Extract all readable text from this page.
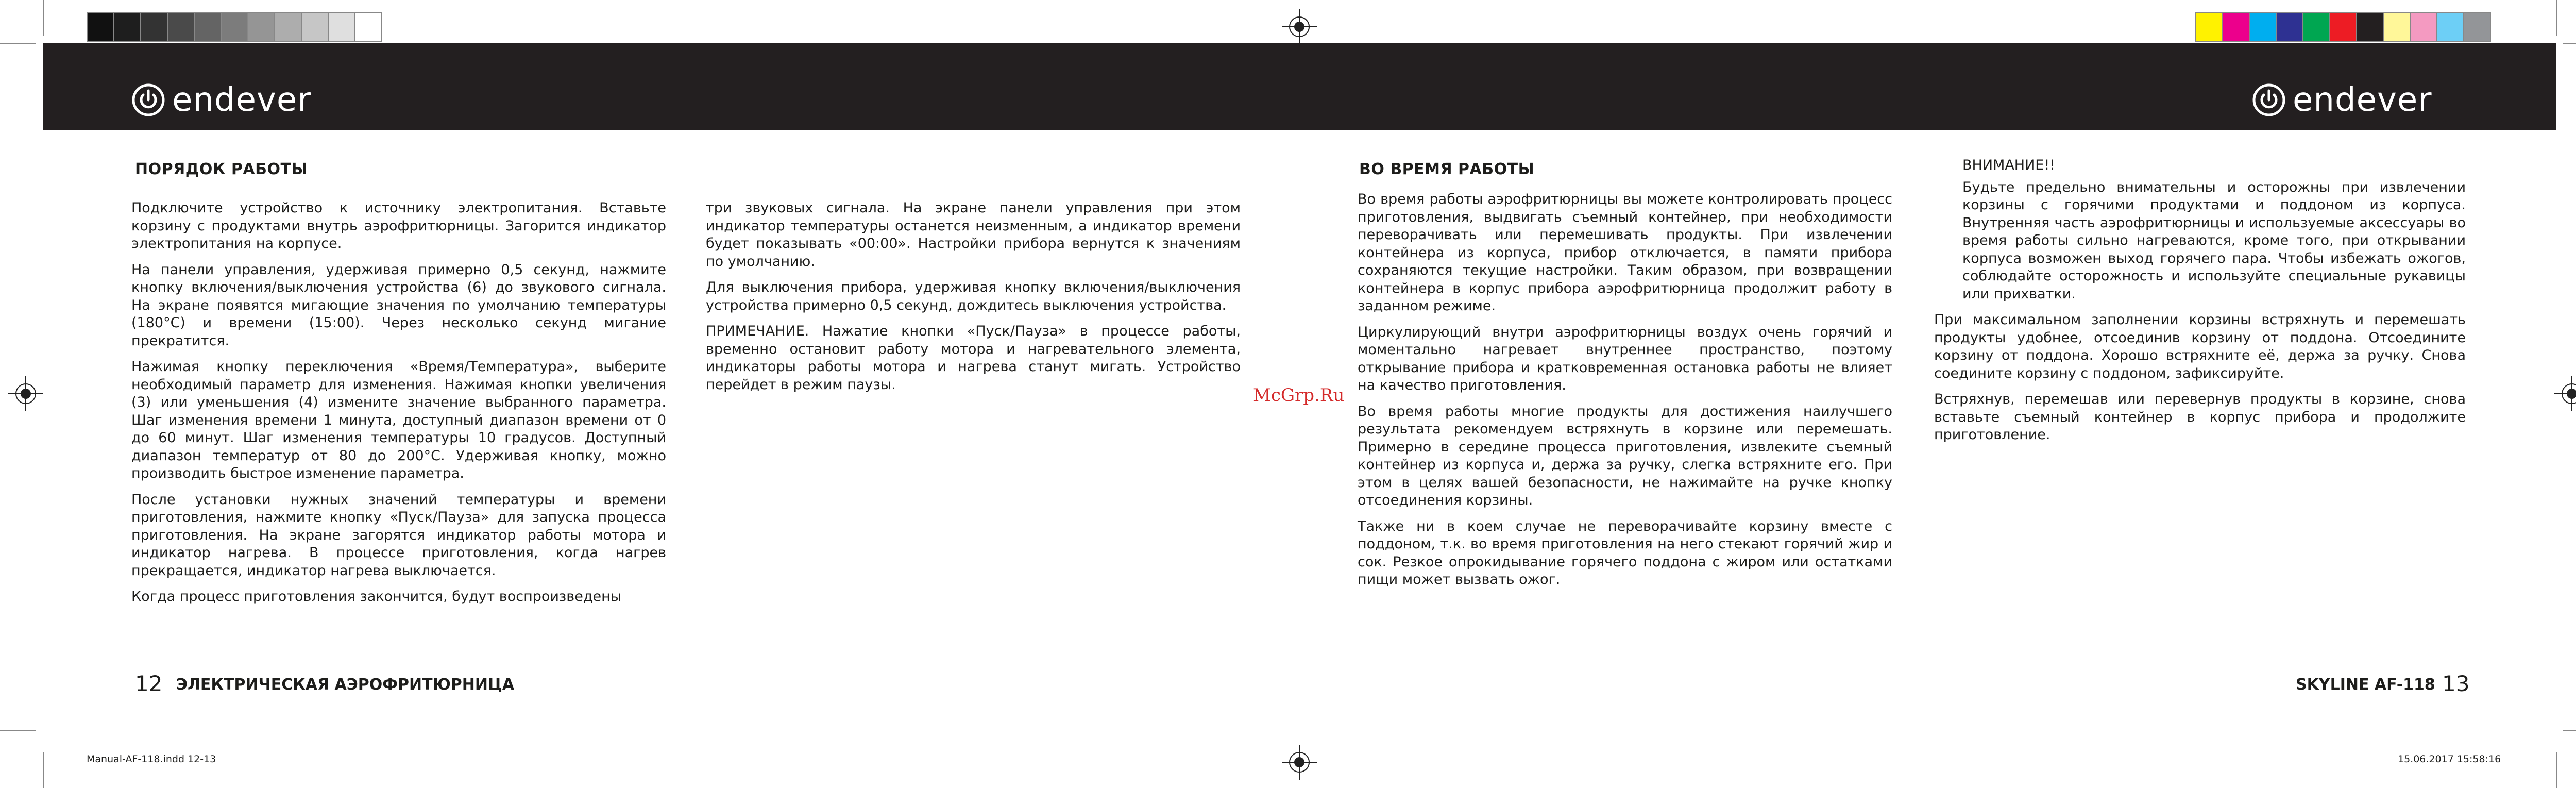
endever	endever
ПОРЯДОК РАБОТЫ

Подключите устройство к источнику электропитания. Вставьте корзину с продуктами внутрь аэрофритюрницы. Загорится индикатор электропитания на корпусе.

На панели управления, удерживая примерно 0,5 секунд, нажмите кнопку включения/выключения устройства (6) до звукового сигнала. На экране появятся мигающие значения по умолчанию температуры (180°C) и времени (15:00). Через несколько секунд мигание прекратится.

Нажимая кнопку переключения «Время/Температура», выберите необходимый параметр для изменения. Нажимая кнопки увеличения (3) или уменьшения (4) измените значение выбранного параметра. Шаг изменения времени 1 минута, доступный диапазон времени от 0 до 60 минут. Шаг изменения температуры 10 градусов. Доступный диапазон температур от 80 до 200°C. Удерживая кнопку, можно производить быстрое изменение параметра.

После установки нужных значений температуры и времени приготовления, нажмите кнопку «Пуск/Пауза» для запуска процесса приготовления. На экране загорятся индикатор работы мотора и индикатор нагрева. В процессе приготовления, когда нагрев прекращается, индикатор нагрева выключается.

Когда процесс приготовления закончится, будут воспроизведены

три звуковых сигнала. На экране панели управления при этом индикатор температуры останется неизменным, а индикатор времени будет показывать «00:00». Настройки прибора вернутся к значениям по умолчанию.

Для выключения прибора, удерживая кнопку включения/выключения устройства примерно 0,5 секунд, дождитесь выключения устройства.

ПРИМЕЧАНИЕ. Нажатие кнопки «Пуск/Пауза» в процессе работы, временно остановит работу мотора и нагревательного элемента, индикаторы работы мотора и нагрева станут мигать. Устройство перейдет в режим паузы.

McGrp.Ru
ВО ВРЕМЯ РАБОТЫ

Во время работы аэрофритюрницы вы можете контролировать процесс приготовления, выдвигать съемный контейнер, при необходимости переворачивать или перемешивать продукты. При извлечении контейнера из корпуса, прибор отключается, в памяти прибора сохраняются текущие настройки. Таким образом, при возвращении контейнера в корпус прибора аэрофритюрница продолжит работу в заданном режиме.

Циркулирующий внутри аэрофритюрницы воздух очень горячий и моментально нагревает внутреннее пространство, поэтому открывание прибора и кратковременная остановка работы не влияет на качество приготовления.

Во время работы многие продукты для достижения наилучшего результата рекомендуем встряхнуть в корзине или перемешать. Примерно в середине процесса приготовления, извлеките съемный контейнер из корпуса и, держа за ручку, слегка встряхните его. При этом в целях вашей безопасности, не нажимайте на ручке кнопку отсоединения корзины.

Также ни в коем случае не переворачивайте корзину вместе с поддоном, т.к. во время приготовления на него стекают горячий жир и сок. Резкое опрокидывание горячего поддона с жиром или остатками пищи может вызвать ожог.

ВНИМАНИЕ!!

Будьте предельно внимательны и осторожны при извлечении корзины с горячими продуктами и поддоном из корпуса. Внутренняя часть аэрофритюрницы и используемые аксессуары во время работы сильно нагреваются, кроме того, при открывании корпуса возможен выход горячего пара. Чтобы избежать ожогов, соблюдайте осторожность и используйте специальные рукавицы или прихватки.

При максимальном заполнении корзины встряхнуть и перемешать продукты удобнее, отсоединив корзину от поддона. Отсоедините корзину от поддона. Хорошо встряхните её, держа за ручку. Снова соедините корзину с поддоном, зафиксируйте.

Встряхнув, перемешав или перевернув продукты в корзине, снова вставьте съемный контейнер в корпус прибора и продолжите приготовление.

12 ЭЛЕКТРИЧЕСКАЯ АЭРОФРИТЮРНИЦА	SKYLINE AF-118 13
Manual-AF-118.indd 12-13	15.06.2017 15:58:16
